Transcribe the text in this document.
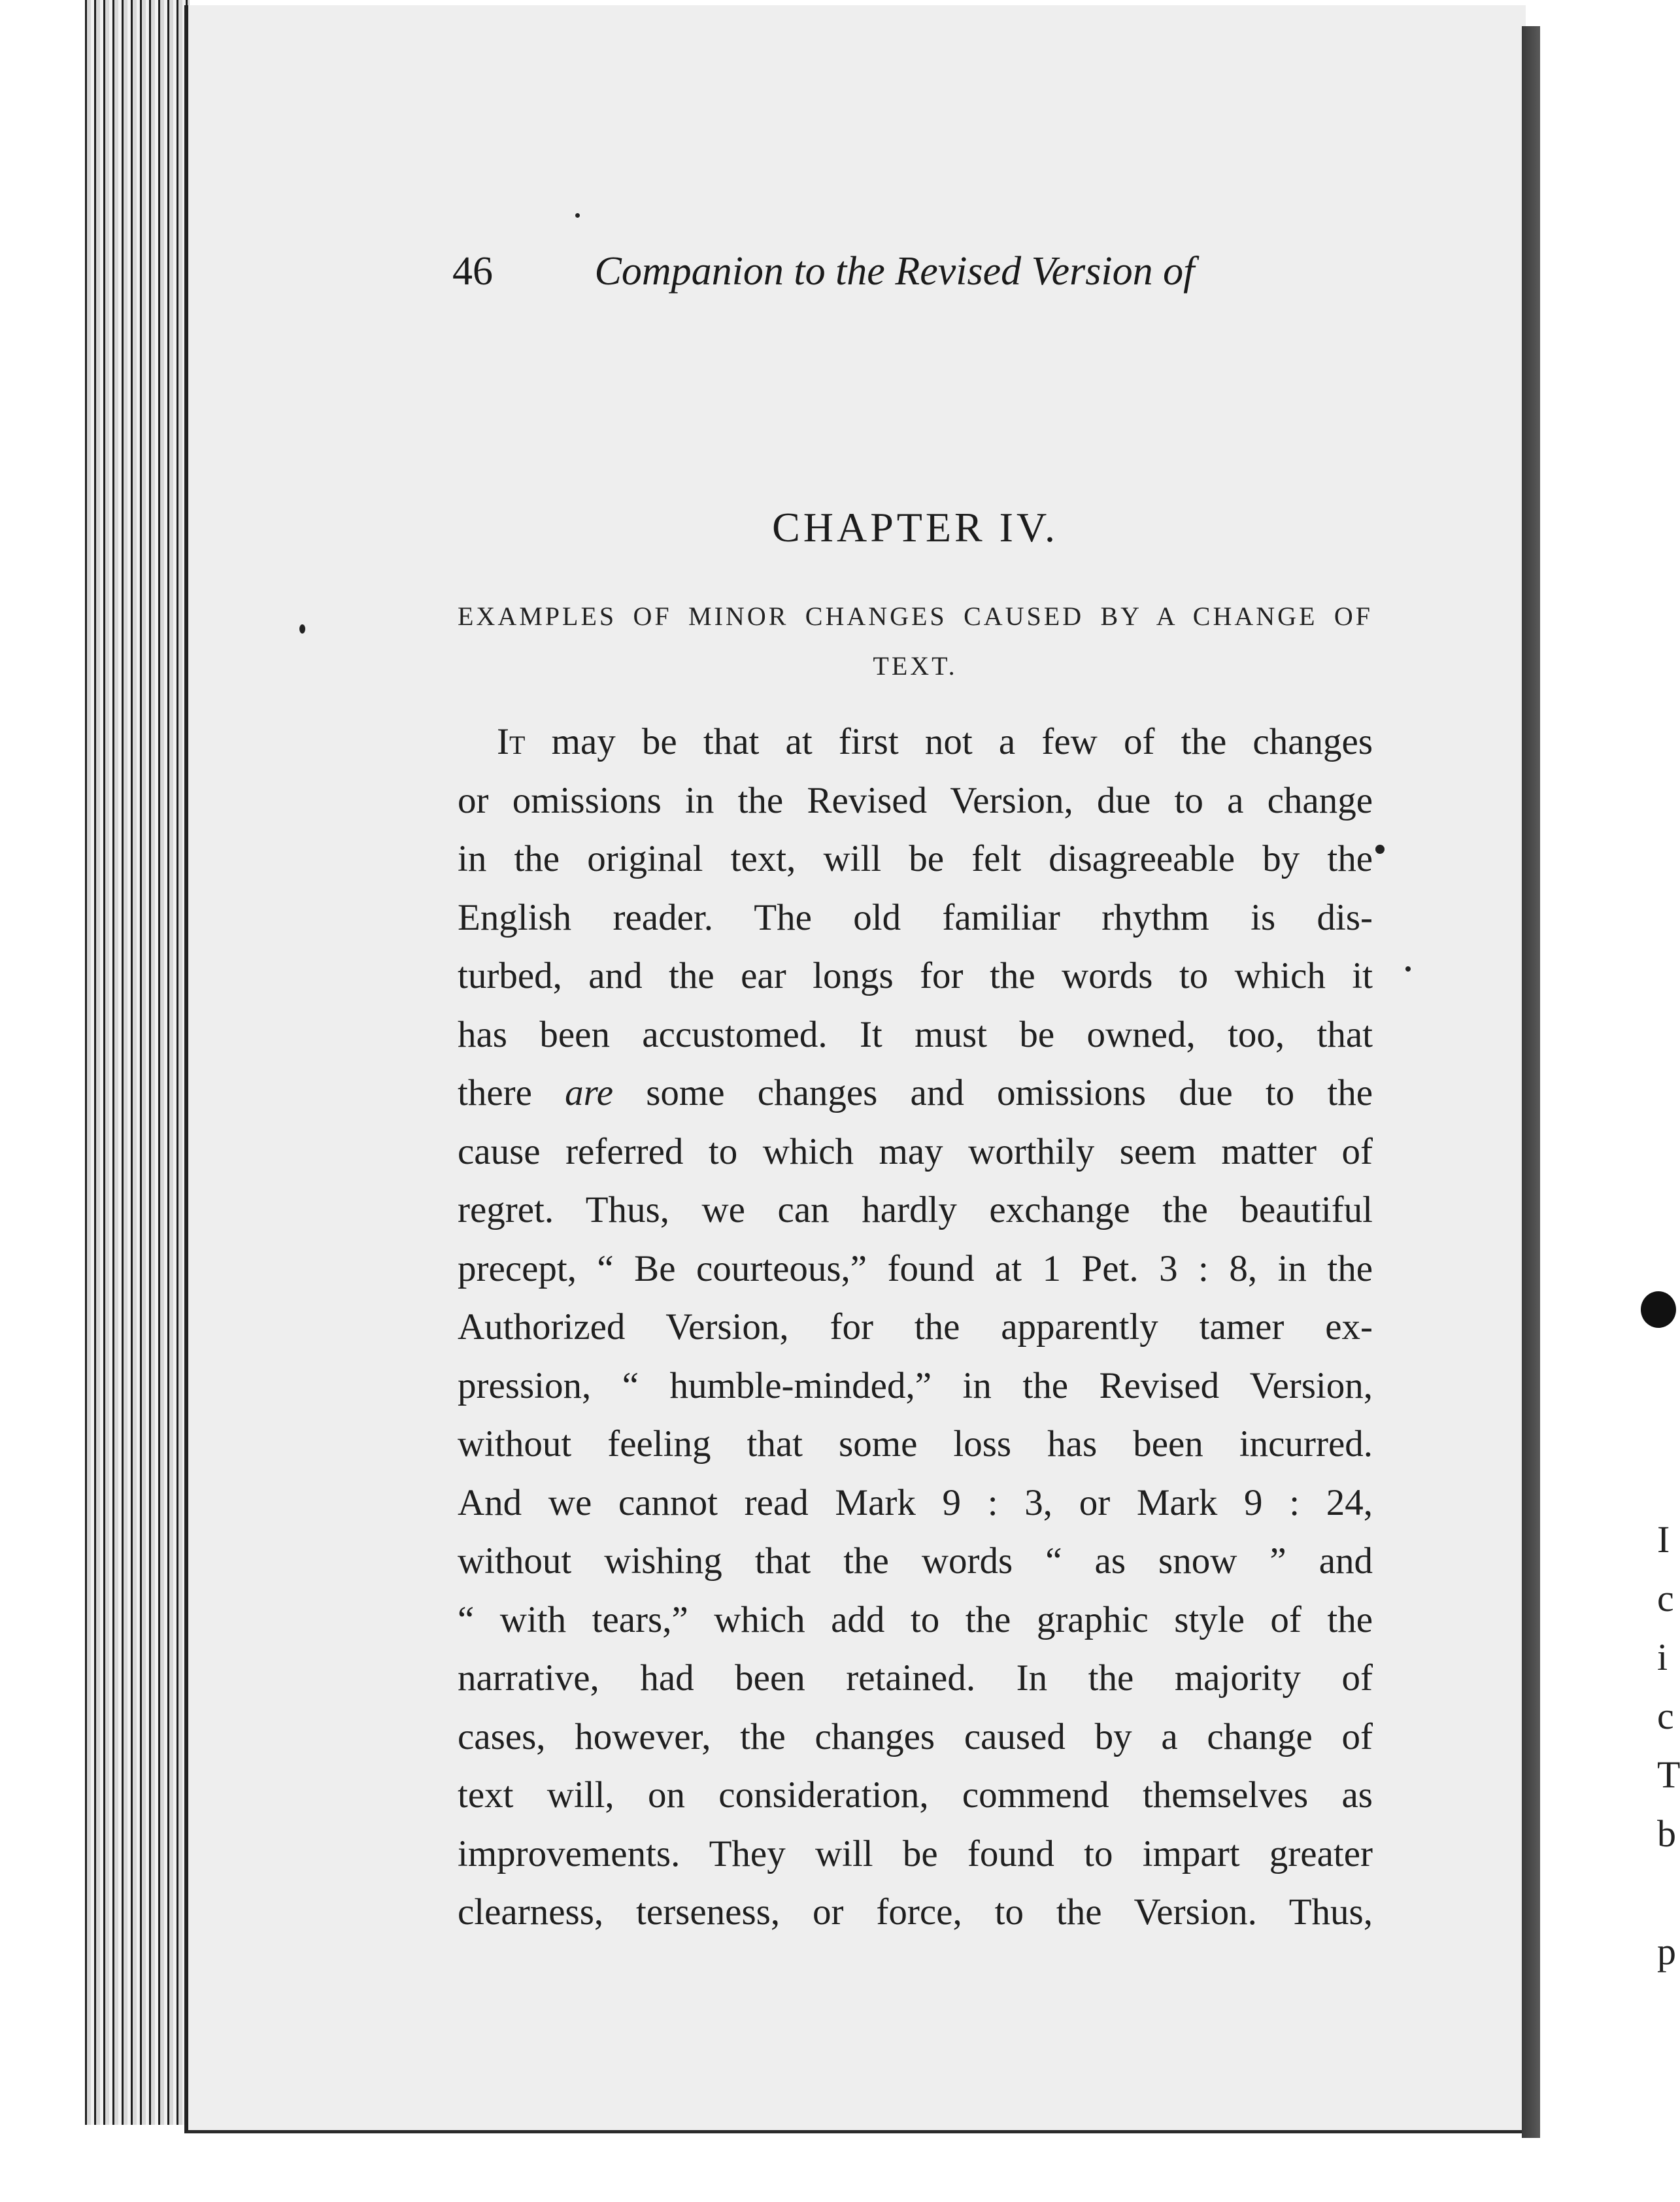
I
c
i
c
T
b

p
46	Companion to the Revised Version of
CHAPTER IV.
EXAMPLES OF MINOR CHANGES CAUSED BY A CHANGE OF TEXT.
It may be that at first not a few of the changes
or omissions in the Revised Version, due to a change
in the original text, will be felt disagreeable by the
English reader. The old familiar rhythm is dis-
turbed, and the ear longs for the words to which it
has been accustomed. It must be owned, too, that
there are some changes and omissions due to the
cause referred to which may worthily seem matter of
regret. Thus, we can hardly exchange the beautiful
precept, “ Be courteous,” found at 1 Pet. 3 : 8, in the
Authorized Version, for the apparently tamer ex-
pression, “ humble-minded,” in the Revised Version,
without feeling that some loss has been incurred.
And we cannot read Mark 9 : 3, or Mark 9 : 24,
without wishing that the words “ as snow ” and
“ with tears,” which add to the graphic style of the
narrative, had been retained. In the majority of
cases, however, the changes caused by a change of
text will, on consideration, commend themselves as
improvements. They will be found to impart greater
clearness, terseness, or force, to the Version. Thus,
